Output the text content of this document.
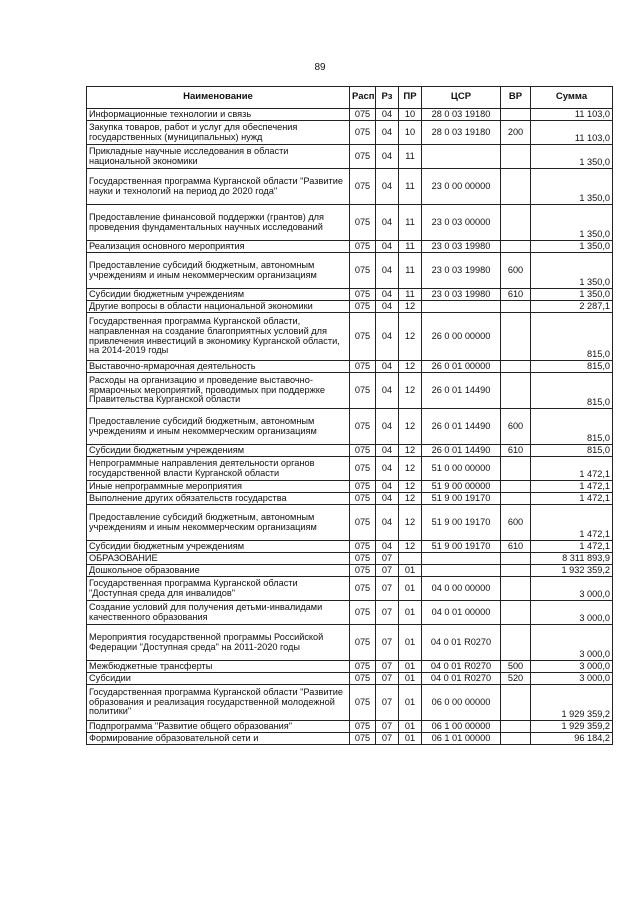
89
Наименование	Расп	Рз	ПР	ЦСР	ВР	Сумма
Информационные технологии и связь	075	04	10	28 0 03 19180		11 103,0
Закупка товаров, работ и услуг для обеспечения государственных (муниципальных) нужд	075	04	10	28 0 03 19180	200	11 103,0
Прикладные научные исследования в области национальной экономики	075	04	11			1 350,0
Государственная программа Курганской области "Развитие науки и технологий на период до 2020 года"	075	04	11	23 0 00 00000		1 350,0
Предоставление финансовой поддержки (грантов) для проведения фундаментальных научных исследований	075	04	11	23 0 03 00000		1 350,0
Реализация основного мероприятия	075	04	11	23 0 03 19980		1 350,0
Предоставление субсидий бюджетным, автономным учреждениям и иным некоммерческим организациям	075	04	11	23 0 03 19980	600	1 350,0
Субсидии бюджетным учреждениям	075	04	11	23 0 03 19980	610	1 350,0
Другие вопросы в области национальной экономики	075	04	12			2 287,1
Государственная программа Курганской области, направленная на создание благоприятных условий для привлечения инвестиций в экономику Курганской области, на 2014-2019 годы	075	04	12	26 0 00 00000		815,0
Выставочно-ярмарочная деятельность	075	04	12	26 0 01 00000		815,0
Расходы на организацию и проведение выставочно-ярмарочных мероприятий, проводимых при поддержке Правительства Курганской области	075	04	12	26 0 01 14490		815,0
Предоставление субсидий бюджетным, автономным учреждениям и иным некоммерческим организациям	075	04	12	26 0 01 14490	600	815,0
Субсидии бюджетным учреждениям	075	04	12	26 0 01 14490	610	815,0
Непрограммные направления деятельности органов государственной власти Курганской области	075	04	12	51 0 00 00000		1 472,1
Иные непрограммные мероприятия	075	04	12	51 9 00 00000		1 472,1
Выполнение других обязательств государства	075	04	12	51 9 00 19170		1 472,1
Предоставление субсидий бюджетным, автономным учреждениям и иным некоммерческим организациям	075	04	12	51 9 00 19170	600	1 472,1
Субсидии бюджетным учреждениям	075	04	12	51 9 00 19170	610	1 472,1
ОБРАЗОВАНИЕ	075	07				8 311 893,9
Дошкольное образование	075	07	01			1 932 359,2
Государственная программа Курганской области "Доступная среда для инвалидов"	075	07	01	04 0 00 00000		3 000,0
Создание условий для получения детьми-инвалидами качественного образования	075	07	01	04 0 01 00000		3 000,0
Мероприятия государственной программы Российской Федерации "Доступная среда" на 2011-2020 годы	075	07	01	04 0 01 R0270		3 000,0
Межбюджетные трансферты	075	07	01	04 0 01 R0270	500	3 000,0
Субсидии	075	07	01	04 0 01 R0270	520	3 000,0
Государственная программа Курганской области "Развитие образования и реализация государственной молодежной политики"	075	07	01	06 0 00 00000		1 929 359,2
Подпрограмма "Развитие общего образования"	075	07	01	06 1 00 00000		1 929 359,2
Формирование образовательной сети и	075	07	01	06 1 01 00000		96 184,2
